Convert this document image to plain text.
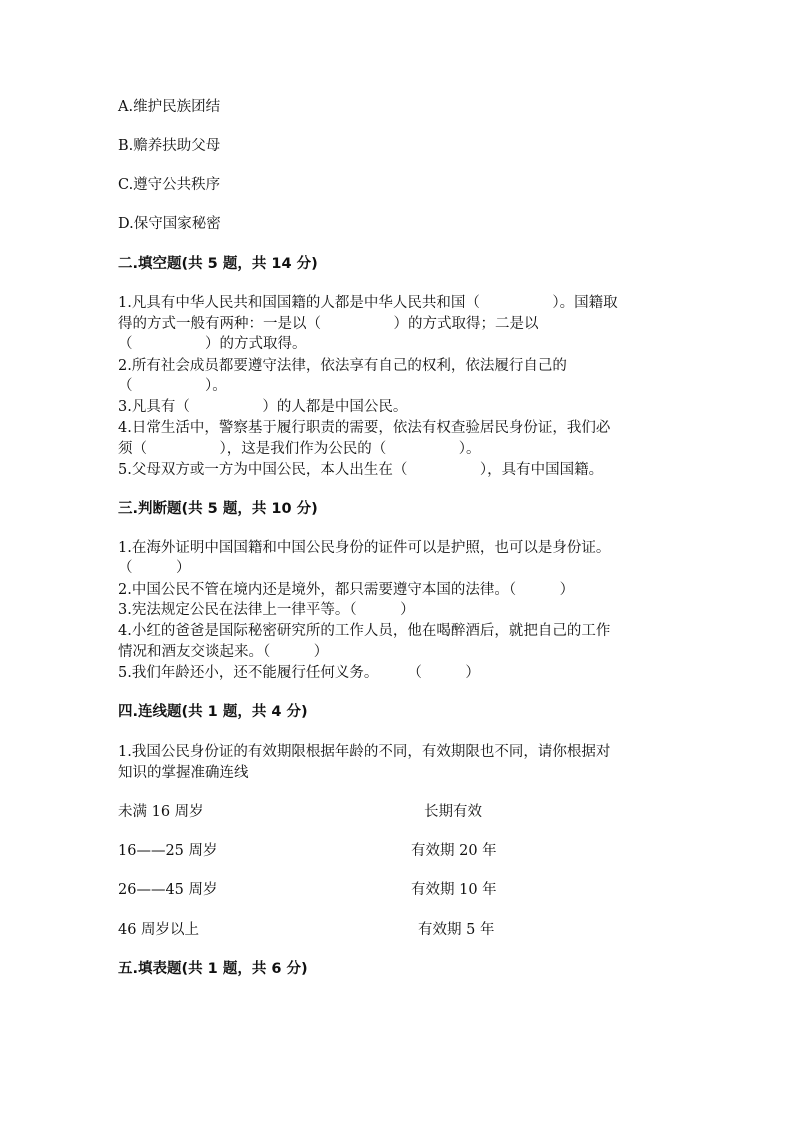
A.维护民族团结
B.赡养扶助父母
C.遵守公共秩序
D.保守国家秘密
二.填空题(共 5 题，共 14 分)
1.凡具有中华人民共和国国籍的人都是中华人民共和国（　　　　　）。国籍取
得的方式一般有两种：一是以（　　　　　）的方式取得；二是以
（　　　　　）的方式取得。
2.所有社会成员都要遵守法律，依法享有自己的权利，依法履行自己的
（　　　　　）。
3.凡具有（　　　　　）的人都是中国公民。
4.日常生活中，警察基于履行职责的需要，依法有权查验居民身份证，我们必
须（　　　　　），这是我们作为公民的（　　　　　）。
5.父母双方或一方为中国公民，本人出生在（　　　　　），具有中国国籍。
三.判断题(共 5 题，共 10 分)
1.在海外证明中国国籍和中国公民身份的证件可以是护照，也可以是身份证。
（　　　）
2.中国公民不管在境内还是境外，都只需要遵守本国的法律。（　　　）
3.宪法规定公民在法律上一律平等。（　　　）
4.小红的爸爸是国际秘密研究所的工作人员，他在喝醉酒后，就把自己的工作
情况和酒友交谈起来。（　　　）
5.我们年龄还小，还不能履行任何义务。　　　（　　　）
四.连线题(共 1 题，共 4 分)
1.我国公民身份证的有效期限根据年龄的不同，有效期限也不同，请你根据对
知识的掌握准确连线
未满 16 周岁	长期有效
16——25 周岁	有效期 20 年
26——45 周岁	有效期 10 年
46 周岁以上	有效期 5 年
五.填表题(共 1 题，共 6 分)
